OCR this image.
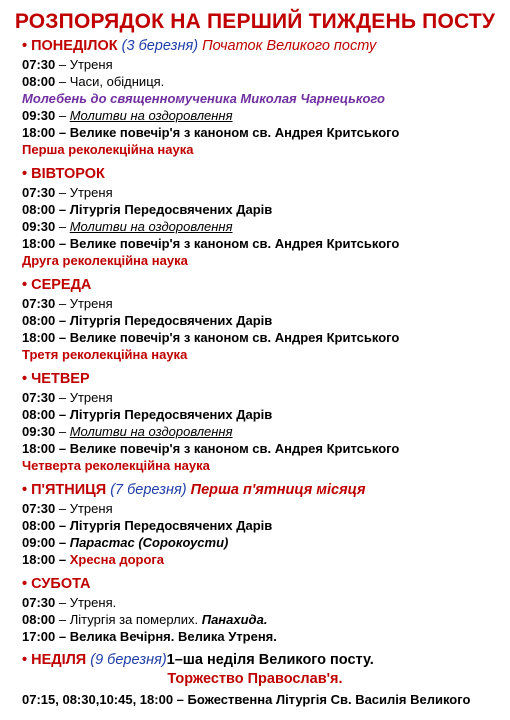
РОЗПОРЯДОК НА ПЕРШИЙ ТИЖДЕНЬ ПОСТУ
• ПОНЕДІЛОК (3 березня) Початок Великого посту
07:30 – Утреня
08:00 – Часи, обідниця.
Молебень до священномученика Миколая Чарнецького
09:30 – Молитви на оздоровлення
18:00 – Велике повечір'я з каноном св. Андрея Критського
Перша реколекційна наука
• ВІВТОРОК
07:30 – Утреня
08:00 – Літургія Передосвячених Дарів
09:30 – Молитви на оздоровлення
18:00 – Велике повечір'я з каноном св. Андрея Критського
Друга реколекційна наука
• СЕРЕДА
07:30 – Утреня
08:00 – Літургія Передосвячених Дарів
18:00 – Велике повечір'я з каноном св. Андрея Критського
Третя реколекційна наука
• ЧЕТВЕР
07:30 – Утреня
08:00 – Літургія Передосвячених Дарів
09:30 – Молитви на оздоровлення
18:00 – Велике повечір'я з каноном св. Андрея Критського
Четверта реколекційна наука
• П'ЯТНИЦЯ (7 березня) Перша п'ятниця місяця
07:30 – Утреня
08:00 – Літургія Передосвячених Дарів
09:00 – Парастас (Сорокоусти)
18:00 – Хресна дорога
• СУБОТА
07:30 – Утреня.
08:00 – Літургія за померлих. Панахида.
17:00 – Велика Вечірня. Велика Утреня.
• НЕДІЛЯ (9 березня)1–ша неділя Великого посту.
Торжество Православ'я.
07:15, 08:30,10:45, 18:00 – Божественна Літургія Св. Василія Великого
